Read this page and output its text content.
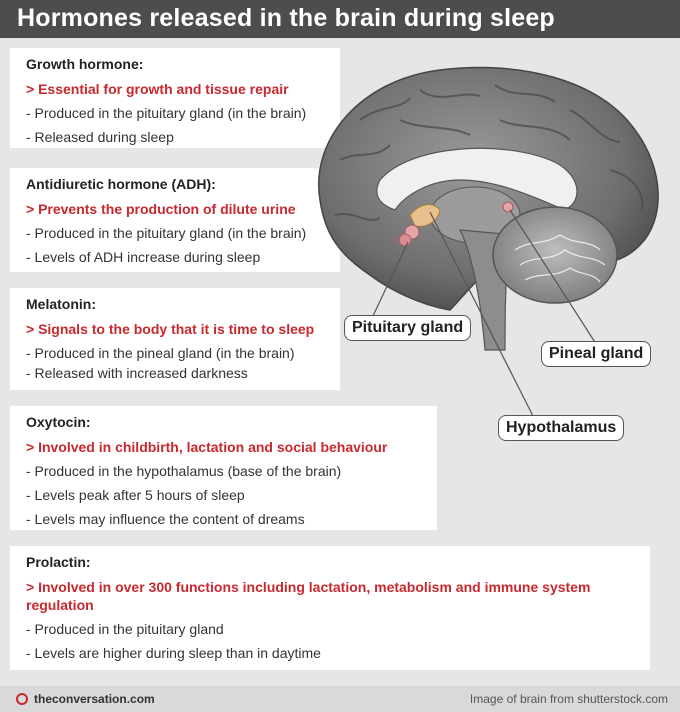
Hormones released in the brain during sleep
Growth hormone:
> Essential for growth and tissue repair
- Produced in the pituitary gland (in the brain)
- Released during sleep
Antidiuretic hormone (ADH):
> Prevents the production of dilute urine
- Produced in the pituitary gland (in the brain)
- Levels of ADH increase during sleep
Melatonin:
> Signals to the body that it is time to sleep
- Produced in the pineal gland (in the brain)
- Released with increased darkness
Oxytocin:
> Involved in childbirth, lactation and social behaviour
- Produced in the hypothalamus (base of the brain)
- Levels peak after 5 hours of sleep
- Levels may influence the content of dreams
Prolactin:
> Involved in over 300 functions including lactation, metabolism and immune system regulation
- Produced in the pituitary gland
- Levels are higher during sleep than in daytime
Pituitary gland
Pineal gland
Hypothalamus
theconversation.com	Image of brain from shutterstock.com
